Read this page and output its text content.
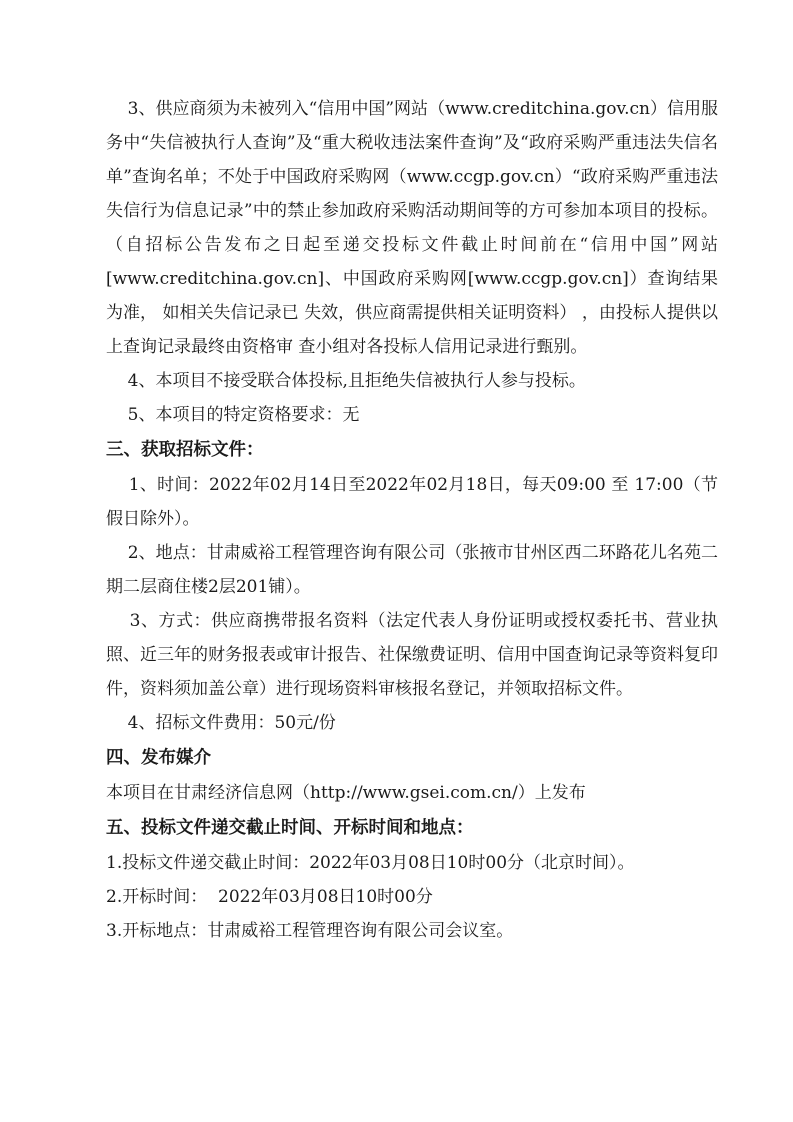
3、供应商须为未被列入“信用中国”网站（www.creditchina.gov.cn）信用服务中“失信被执行人查询”及“重大税收违法案件查询”及“政府采购严重违法失信名单”查询名单；不处于中国政府采购网（www.ccgp.gov.cn）“政府采购严重违法失信行为信息记录”中的禁止参加政府采购活动期间等的方可参加本项目的投标。（自招标公告发布之日起至递交投标文件截止时间前在“信用中国”网站[www.creditchina.gov.cn]、中国政府采购网[www.ccgp.gov.cn]）查询结果为准， 如相关失信记录已 失效，供应商需提供相关证明资料） ，由投标人提供以上查询记录最终由资格审 查小组对各投标人信用记录进行甄别。

4、本项目不接受联合体投标,且拒绝失信被执行人参与投标。

5、本项目的特定资格要求：无

三、获取招标文件：

1、时间：2022年02月14日至2022年02月18日，每天09:00 至 17:00（节假日除外）。

2、地点：甘肃威裕工程管理咨询有限公司（张掖市甘州区西二环路花儿名苑二期二层商住楼2层201铺）。

3、方式：供应商携带报名资料（法定代表人身份证明或授权委托书、营业执照、近三年的财务报表或审计报告、社保缴费证明、信用中国查询记录等资料复印件，资料须加盖公章）进行现场资料审核报名登记，并领取招标文件。

4、招标文件费用：50元/份

四、发布媒介

本项目在甘肃经济信息网（http://www.gsei.com.cn/）上发布

五、投标文件递交截止时间、开标时间和地点：

1.投标文件递交截止时间：2022年03月08日10时00分（北京时间）。

2.开标时间：  2022年03月08日10时00分

3.开标地点：甘肃威裕工程管理咨询有限公司会议室。
